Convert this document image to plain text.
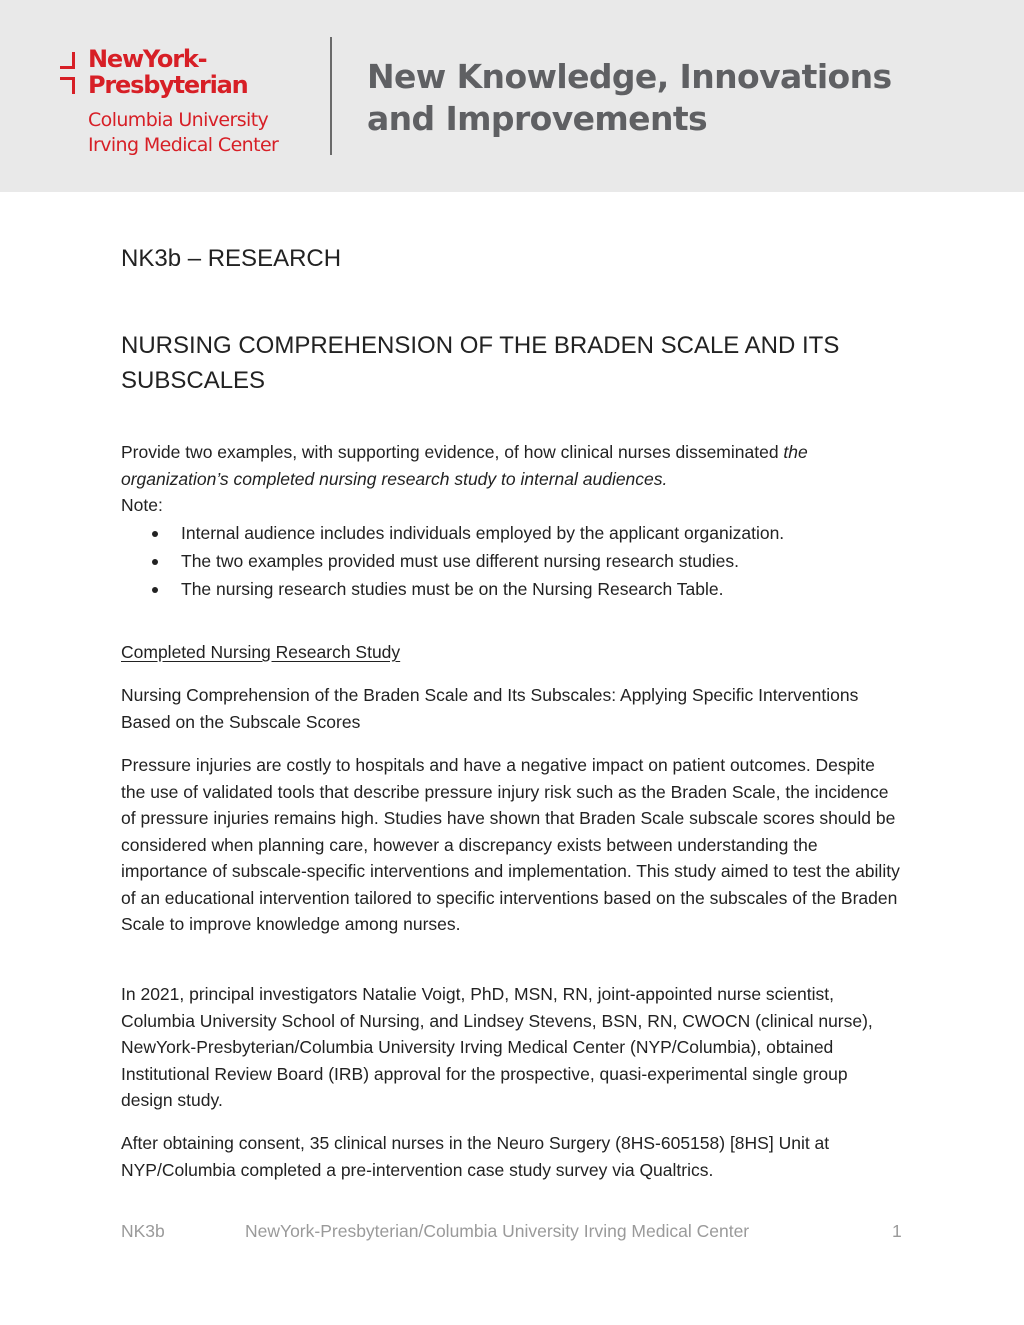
NewYork-
Presbyterian
Columbia University
Irving Medical Center
New Knowledge, Innovations
and Improvements
NK3b – RESEARCH
NURSING COMPREHENSION OF THE BRADEN SCALE AND ITS SUBSCALES
Provide two examples, with supporting evidence, of how clinical nurses disseminated the organization’s completed nursing research study to internal audiences.
Note:
Internal audience includes individuals employed by the applicant organization.
The two examples provided must use different nursing research studies.
The nursing research studies must be on the Nursing Research Table.
Completed Nursing Research Study
Nursing Comprehension of the Braden Scale and Its Subscales: Applying Specific Interventions Based on the Subscale Scores
Pressure injuries are costly to hospitals and have a negative impact on patient outcomes. Despite the use of validated tools that describe pressure injury risk such as the Braden Scale, the incidence of pressure injuries remains high. Studies have shown that Braden Scale subscale scores should be considered when planning care, however a discrepancy exists between understanding the importance of subscale-specific interventions and implementation. This study aimed to test the ability of an educational intervention tailored to specific interventions based on the subscales of the Braden Scale to improve knowledge among nurses.
In 2021, principal investigators Natalie Voigt, PhD, MSN, RN, joint-appointed nurse scientist, Columbia University School of Nursing, and Lindsey Stevens, BSN, RN, CWOCN (clinical nurse), NewYork-Presbyterian/Columbia University Irving Medical Center (NYP/Columbia), obtained Institutional Review Board (IRB) approval for the prospective, quasi-experimental single group design study.
After obtaining consent, 35 clinical nurses in the Neuro Surgery (8HS-605158) [8HS] Unit at NYP/Columbia completed a pre-intervention case study survey via Qualtrics.
NK3b	NewYork-Presbyterian/Columbia University Irving Medical Center	1
